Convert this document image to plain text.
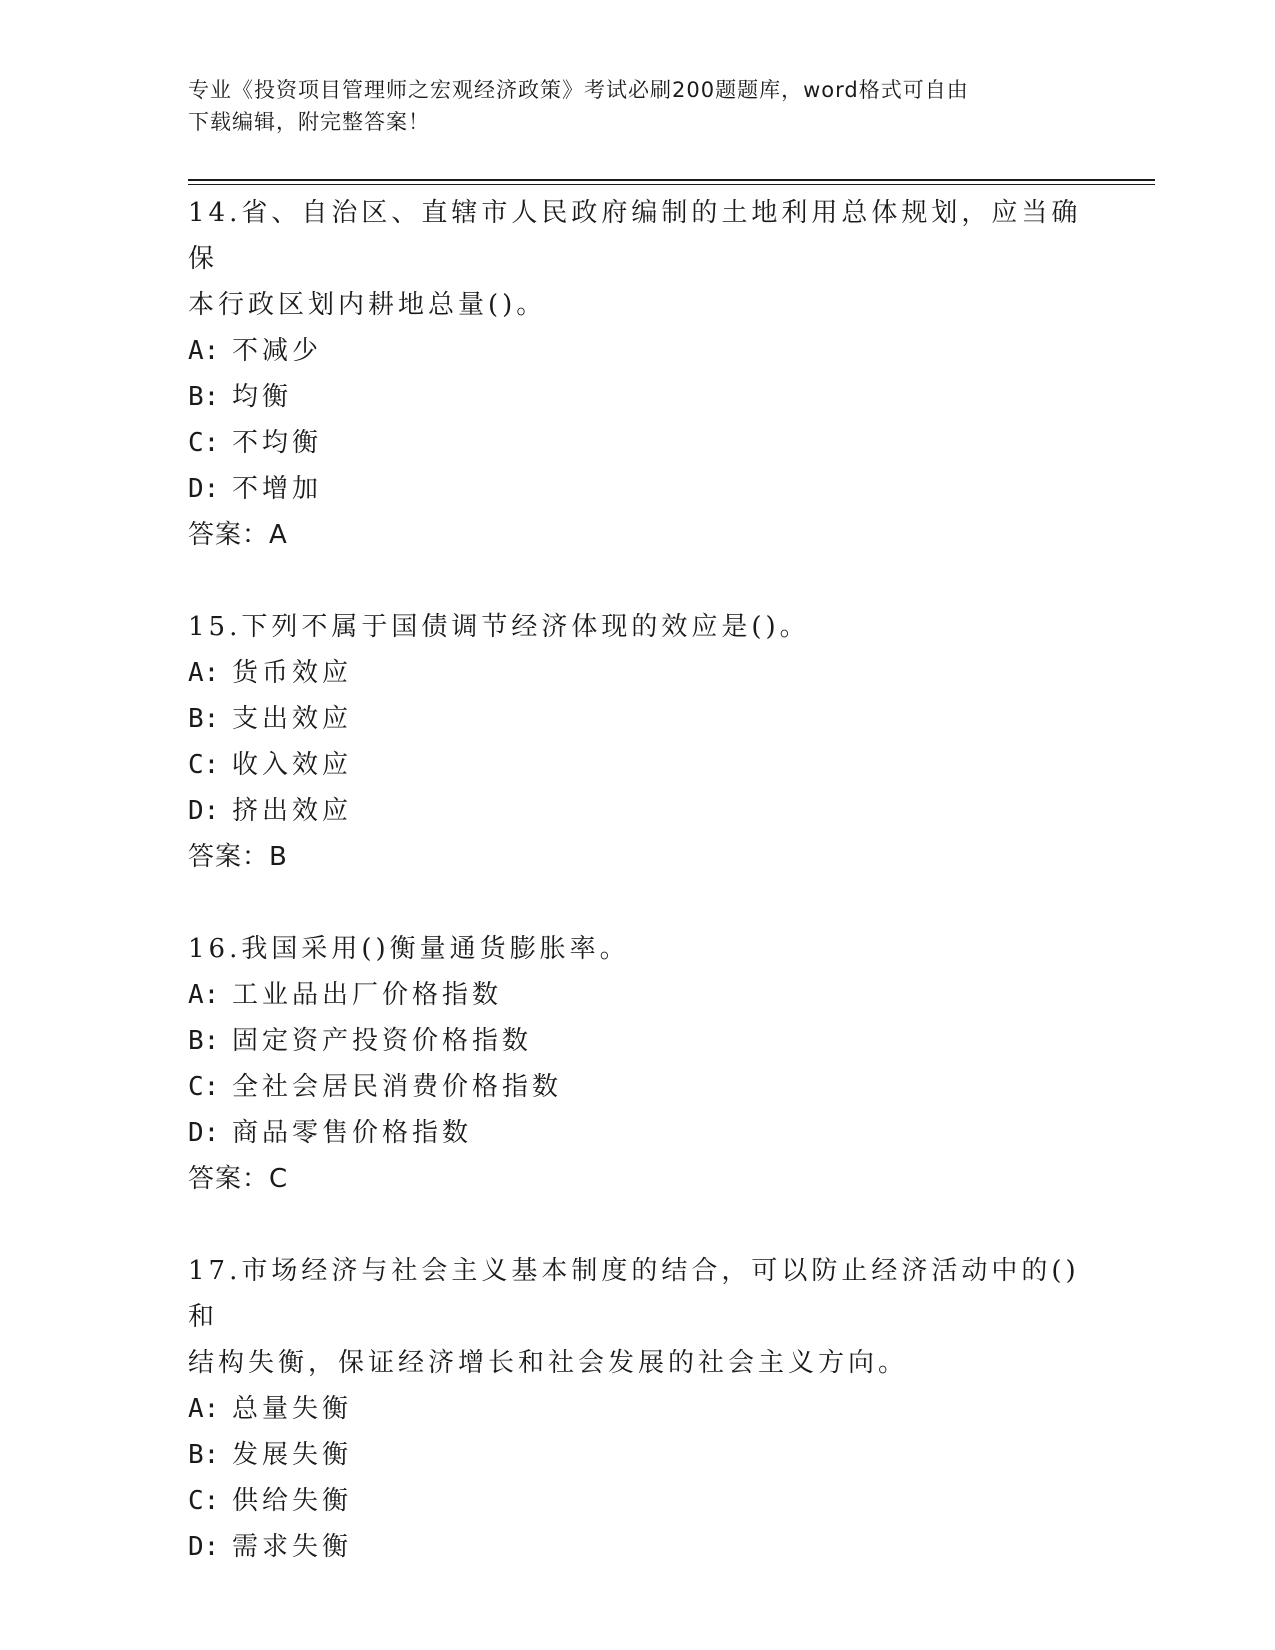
专业《投资项目管理师之宏观经济政策》考试必刷200题题库，word格式可自由
下载编辑，附完整答案！
14.省、自治区、直辖市人民政府编制的土地利用总体规划，应当确保
本行政区划内耕地总量()。
A: 不减少
B: 均衡
C: 不均衡
D: 不增加
答案：A
15.下列不属于国债调节经济体现的效应是()。
A: 货币效应
B: 支出效应
C: 收入效应
D: 挤出效应
答案：B
16.我国采用()衡量通货膨胀率。
A: 工业品出厂价格指数
B: 固定资产投资价格指数
C: 全社会居民消费价格指数
D: 商品零售价格指数
答案：C
17.市场经济与社会主义基本制度的结合，可以防止经济活动中的()和
结构失衡，保证经济增长和社会发展的社会主义方向。
A: 总量失衡
B: 发展失衡
C: 供给失衡
D: 需求失衡
